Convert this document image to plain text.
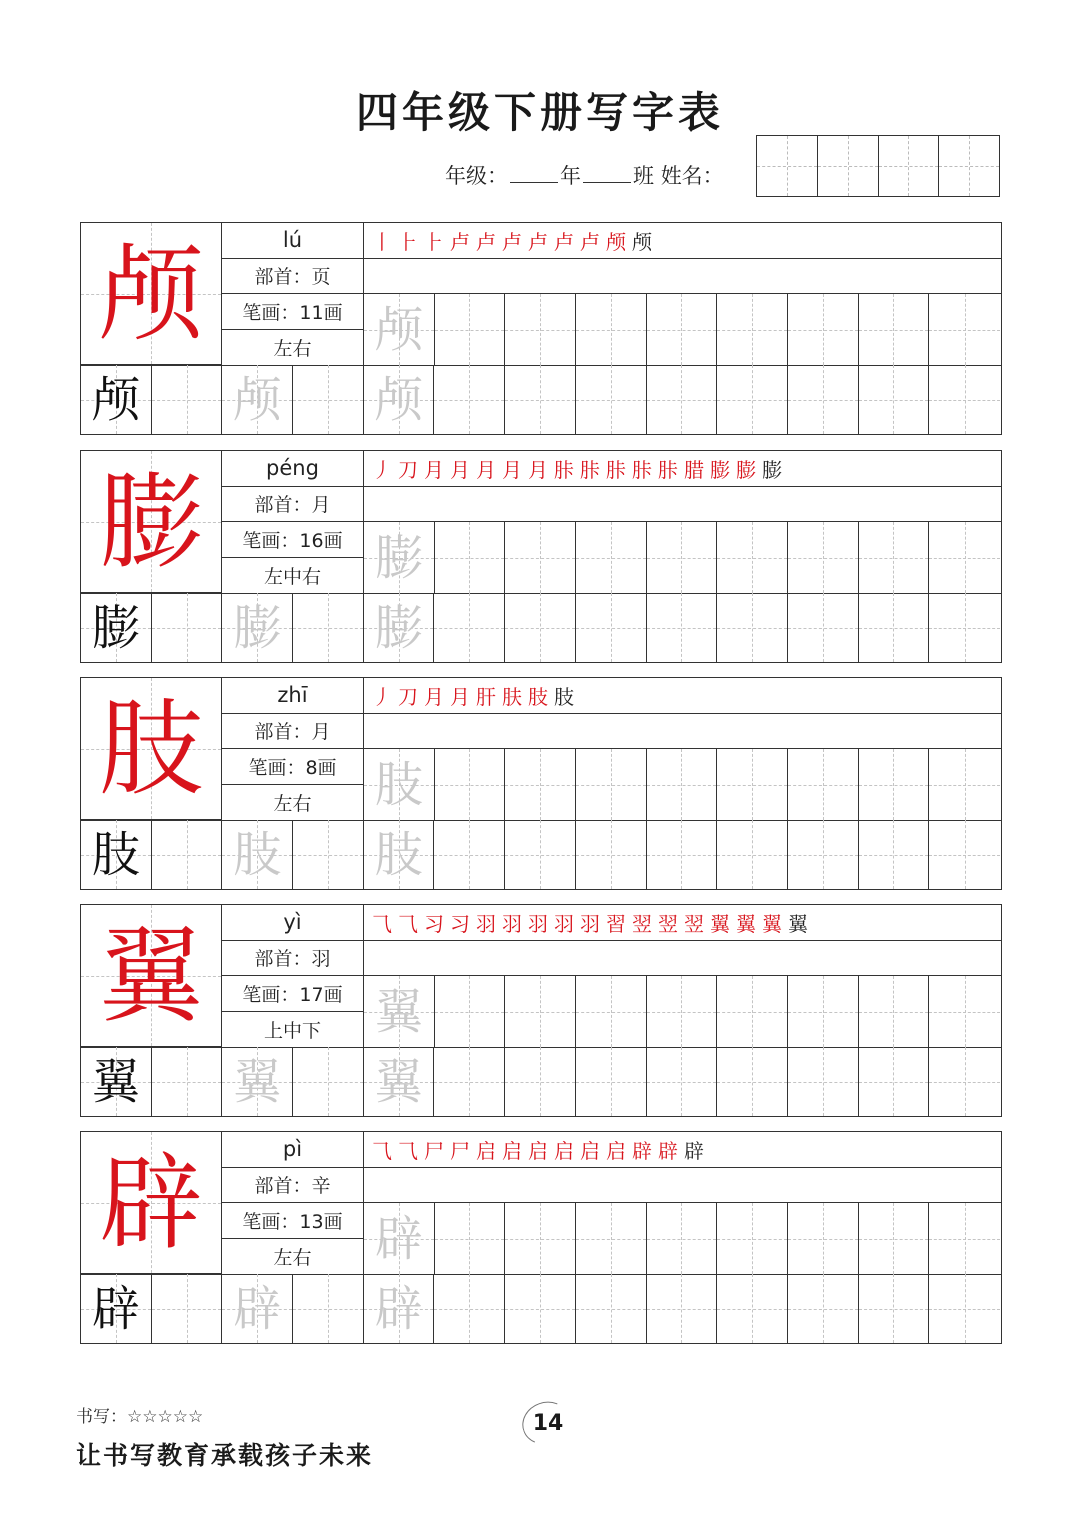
四年级下册写字表
年级： 年 班 姓名：
颅	lú
部首：页
笔画：11画
左右
丨 ⺊ ⺊ 卢 卢 卢 卢 卢 卢 颅 颅
颅
颅 颅 颅
膨	péng
部首：月
笔画：16画
左中右
丿 刀 月 月 月 月 月 胩 胩 胩 胩 胩 腊 膨 膨 膨
膨
膨 膨 膨
肢	zhī
部首：月
笔画：8画
左右
丿 刀 月 月 肝 肤 肢 肢
肢
肢 肢 肢
翼	yì
部首：羽
笔画：17画
上中下
⺄ ⺄ 习 习 羽 羽 羽 羽 羽 習 翌 翌 翌 翼 翼 翼 翼
翼
翼 翼 翼
辟	pì
部首：辛
笔画：13画
左右
⺄ ⺄ 尸 尸 启 启 启 启 启 启 辟 辟 辟
辟
辟 辟 辟
书写：☆☆☆☆☆	14
让书写教育承载孩子未来
